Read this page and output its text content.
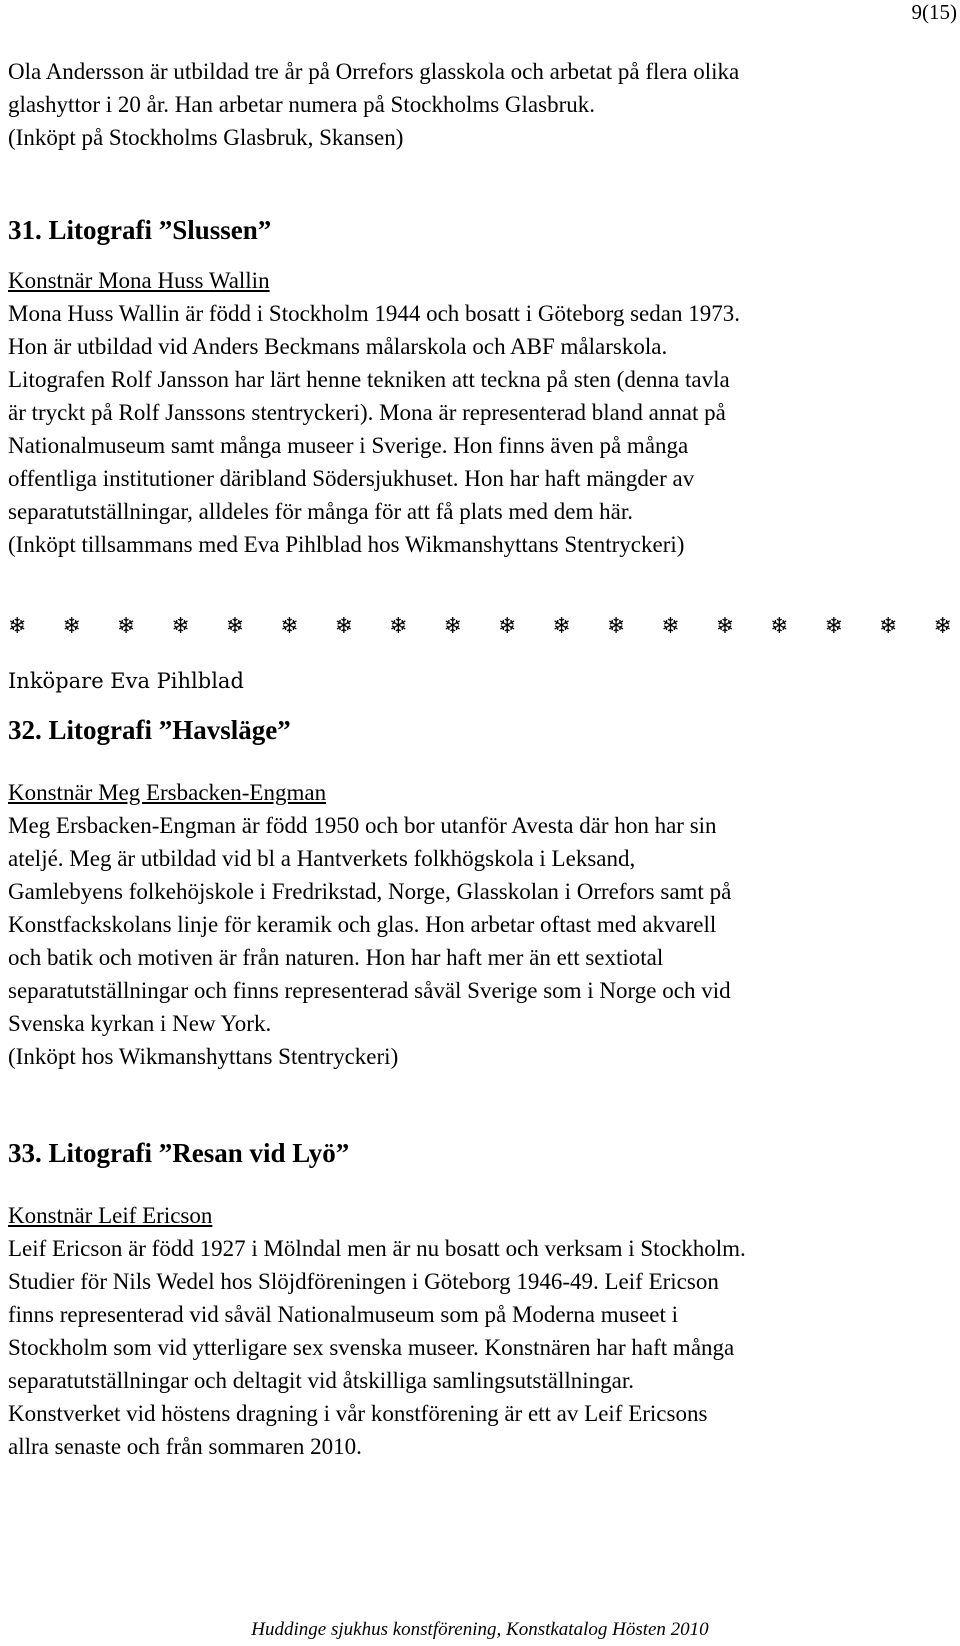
9(15)

Ola Andersson är utbildad tre år på Orrefors glasskola och arbetat på flera olika

glashyttor i 20 år. Han arbetar numera på Stockholms Glasbruk.

(Inköpt på Stockholms Glasbruk, Skansen)

31. Litografi ”Slussen”

Konstnär Mona Huss Wallin

Mona Huss Wallin är född i Stockholm 1944 och bosatt i Göteborg sedan 1973.

Hon är utbildad vid Anders Beckmans målarskola och ABF målarskola.

Litografen Rolf Jansson har lärt henne tekniken att teckna på sten (denna tavla

är tryckt på Rolf Janssons stentryckeri). Mona är representerad bland annat på

Nationalmuseum samt många museer i Sverige. Hon finns även på många

offentliga institutioner däribland Södersjukhuset. Hon har haft mängder av

separatutställningar, alldeles för många för att få plats med dem här.

(Inköpt tillsammans med Eva Pihlblad hos Wikmanshyttans Stentryckeri)

❄ ❄ ❄ ❄ ❄ ❄ ❄ ❄ ❄ ❄ ❄ ❄ ❄ ❄ ❄ ❄ ❄ ❄

Inköpare Eva Pihlblad

32. Litografi ”Havsläge”

Konstnär Meg Ersbacken-Engman

Meg Ersbacken-Engman är född 1950 och bor utanför Avesta där hon har sin

ateljé. Meg är utbildad vid bl a Hantverkets folkhögskola i Leksand,

Gamlebyens folkehöjskole i Fredrikstad, Norge, Glasskolan i Orrefors samt på

Konstfackskolans linje för keramik och glas. Hon arbetar oftast med akvarell

och batik och motiven är från naturen. Hon har haft mer än ett sextiotal

separatutställningar och finns representerad såväl Sverige som i Norge och vid

Svenska kyrkan i New York.

(Inköpt hos Wikmanshyttans Stentryckeri)

33. Litografi ”Resan vid Lyö”

Konstnär Leif Ericson

Leif Ericson är född 1927 i Mölndal men är nu bosatt och verksam i Stockholm.

Studier för Nils Wedel hos Slöjdföreningen i Göteborg 1946-49. Leif Ericson

finns representerad vid såväl Nationalmuseum som på Moderna museet i

Stockholm som vid ytterligare sex svenska museer. Konstnären har haft många

separatutställningar och deltagit vid åtskilliga samlingsutställningar.

Konstverket vid höstens dragning i vår konstförening är ett av Leif Ericsons

allra senaste och från sommaren 2010.

Huddinge sjukhus konstförening, Konstkatalog Hösten 2010
